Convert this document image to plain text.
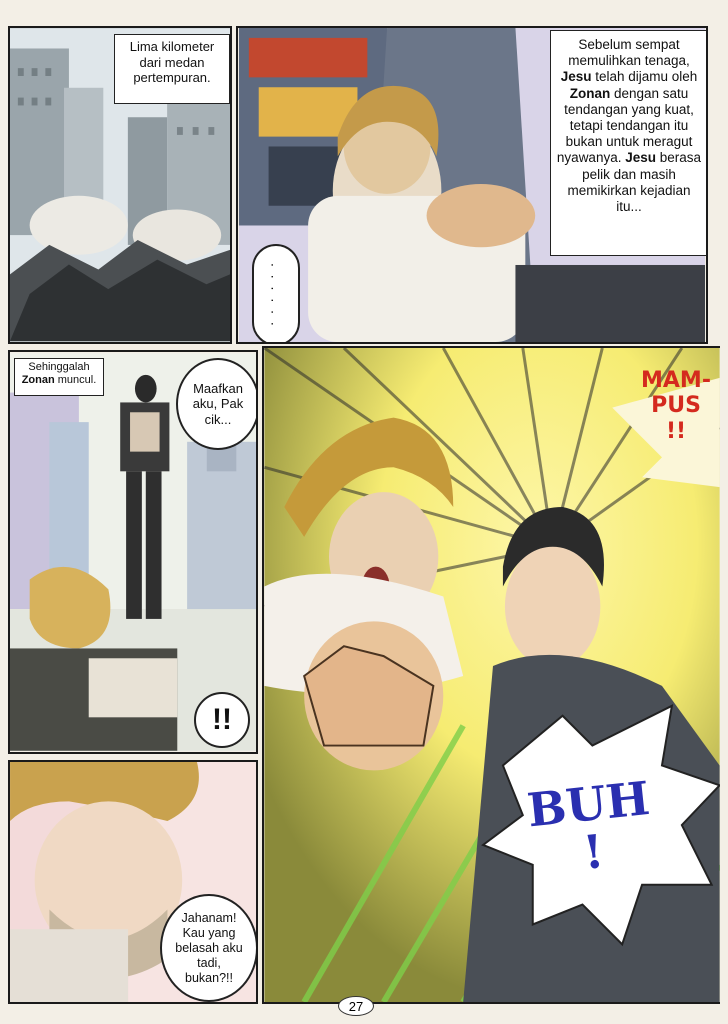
Lima kilometer dari medan pertempuran.
Sebelum sempat memulihkan tenaga, Jesu telah dijamu oleh Zonan dengan satu tendangan yang kuat, tetapi tendangan itu bukan untuk meragut nyawanya. Jesu berasa pelik dan masih memikirkan kejadian itu...
. . . . . .
Sehinggalah Zonan muncul.
Maafkan aku, Pak cik...
!!
Jahanam! Kau yang belasah aku tadi, bukan?!!
MAM-
PUS
!!
BUH
!
27
